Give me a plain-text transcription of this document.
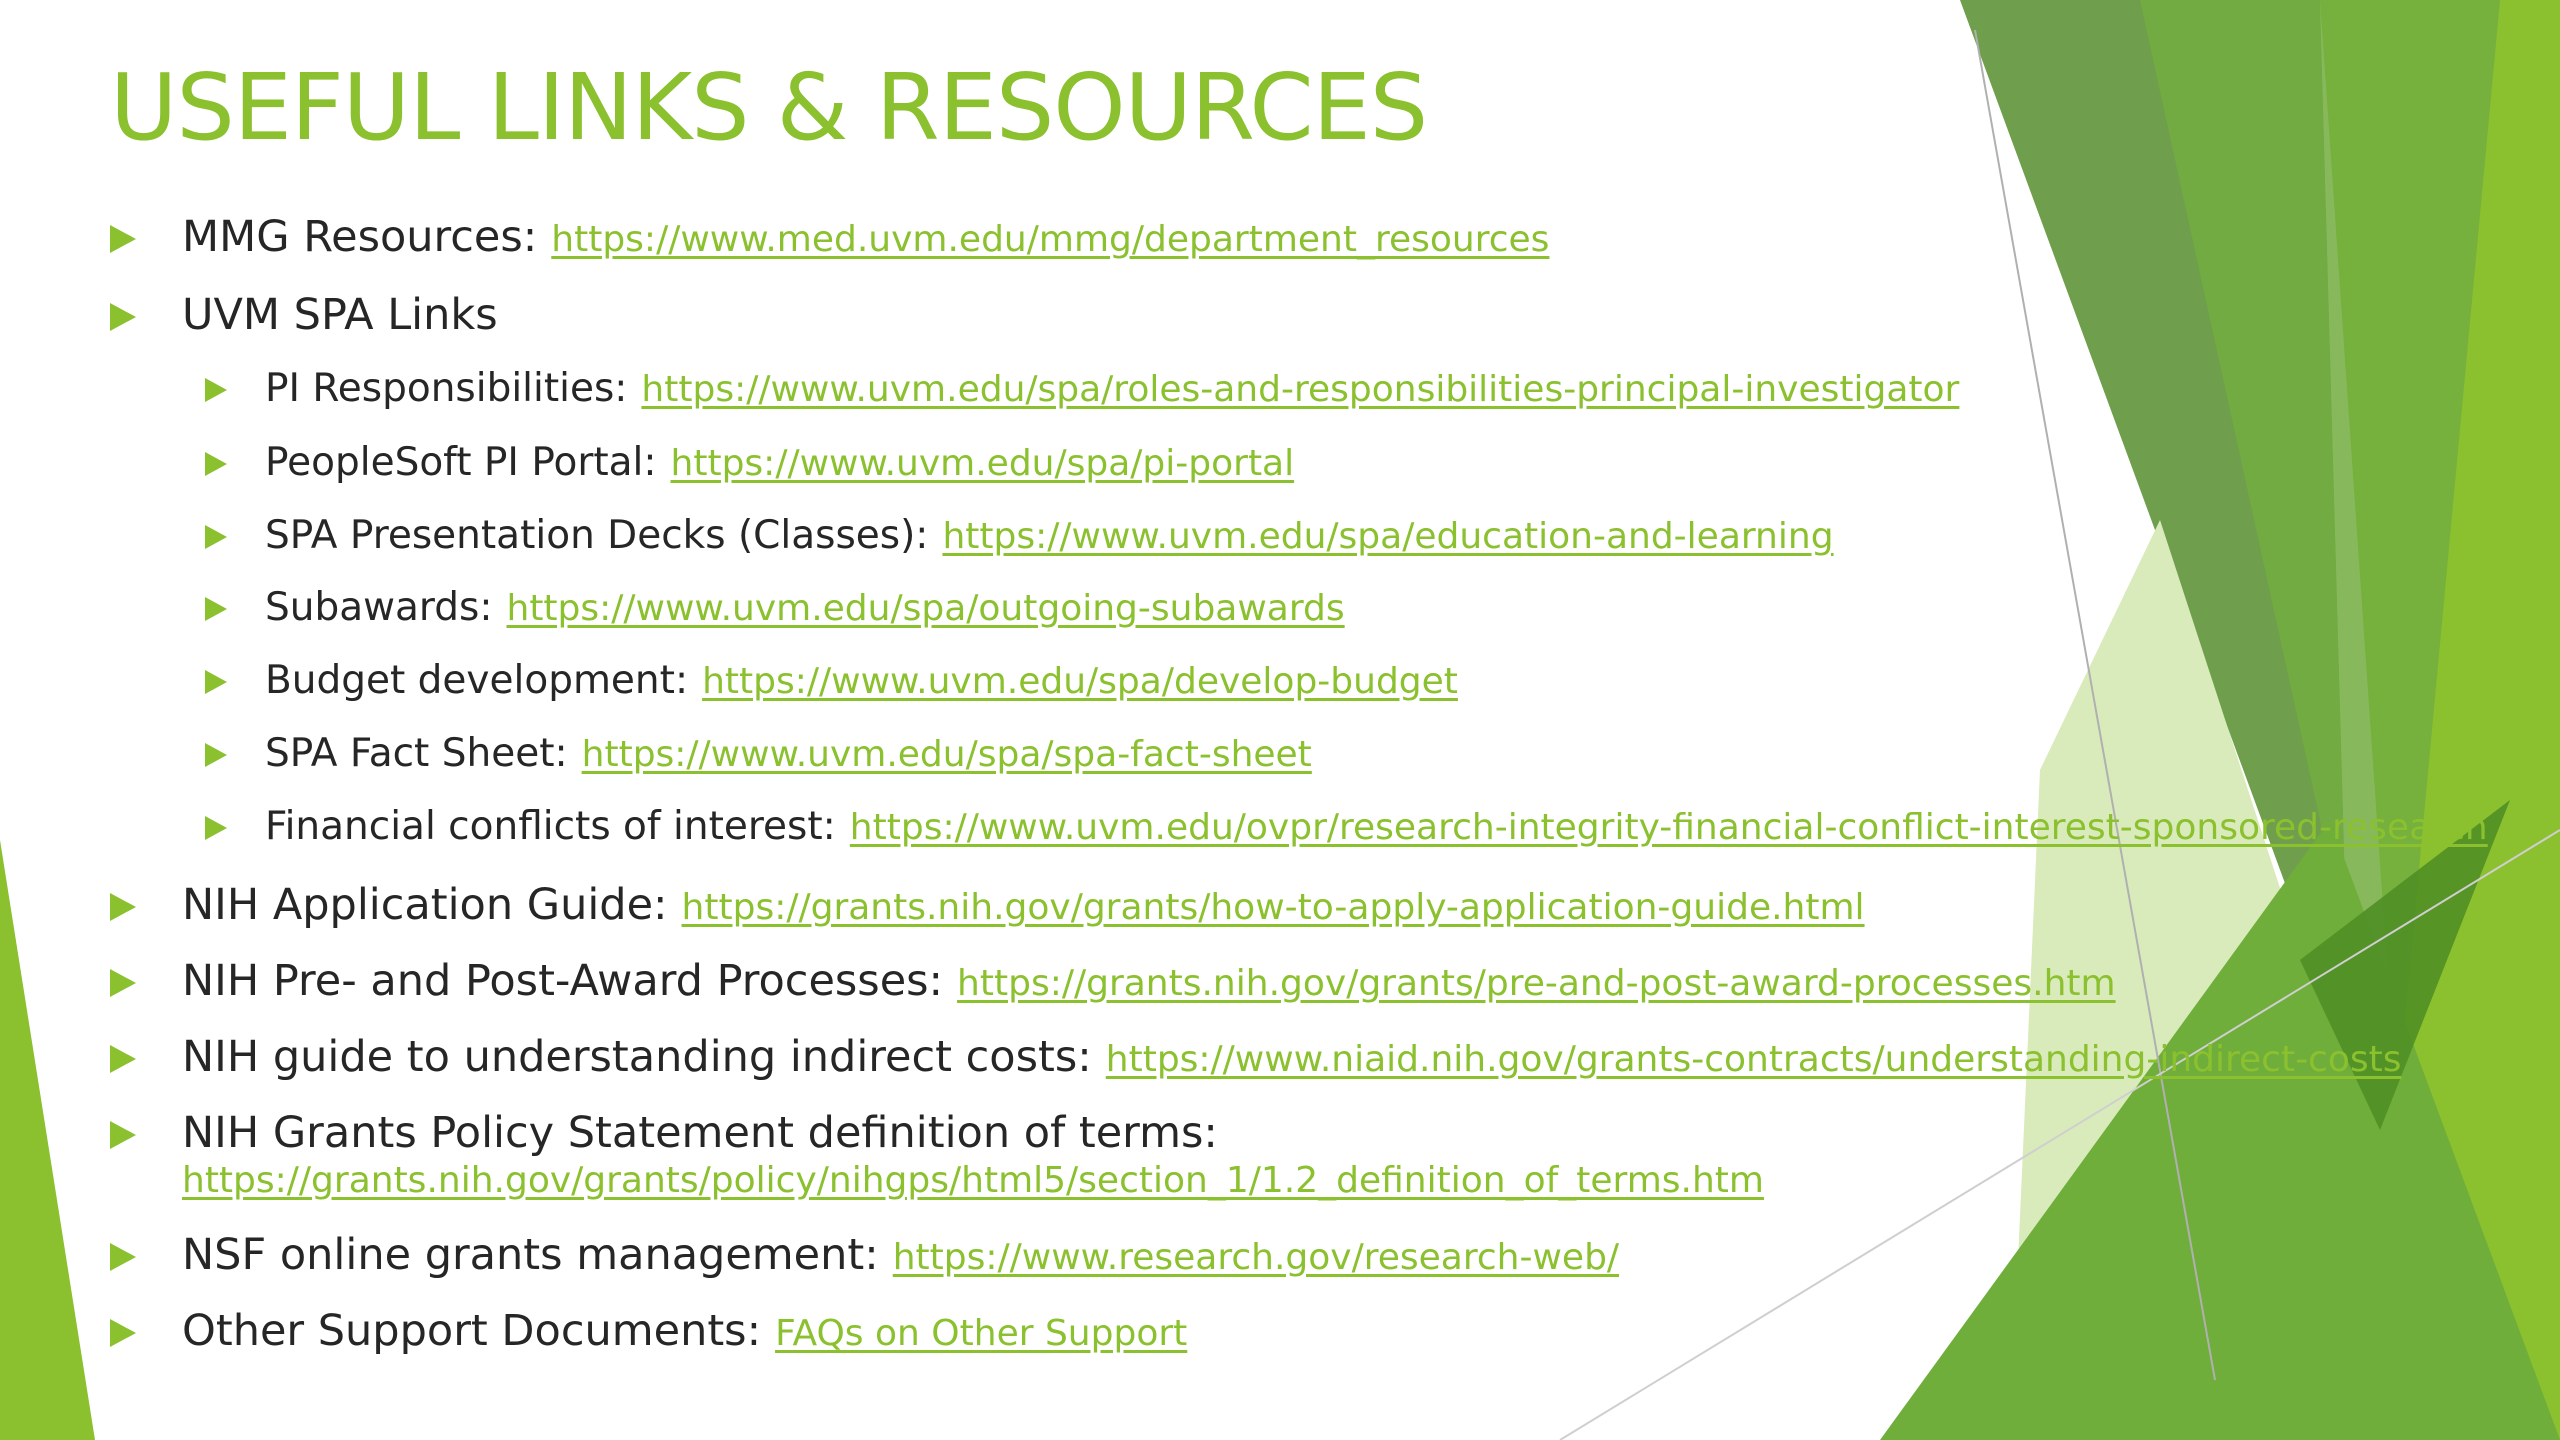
USEFUL LINKS & RESOURCES
MMG Resources: https://www.med.uvm.edu/mmg/department_resources
UVM SPA Links
PI Responsibilities: https://www.uvm.edu/spa/roles-and-responsibilities-principal-investigator
PeopleSoft PI Portal: https://www.uvm.edu/spa/pi-portal
SPA Presentation Decks (Classes): https://www.uvm.edu/spa/education-and-learning
Subawards: https://www.uvm.edu/spa/outgoing-subawards
Budget development: https://www.uvm.edu/spa/develop-budget
SPA Fact Sheet: https://www.uvm.edu/spa/spa-fact-sheet
Financial conflicts of interest: https://www.uvm.edu/ovpr/research-integrity-financial-conflict-interest-sponsored-research
NIH Application Guide: https://grants.nih.gov/grants/how-to-apply-application-guide.html
NIH Pre- and Post-Award Processes: https://grants.nih.gov/grants/pre-and-post-award-processes.htm
NIH guide to understanding indirect costs: https://www.niaid.nih.gov/grants-contracts/understanding-indirect-costs
NIH Grants Policy Statement definition of terms:
https://grants.nih.gov/grants/policy/nihgps/html5/section_1/1.2_definition_of_terms.htm
NSF online grants management: https://www.research.gov/research-web/
Other Support Documents: FAQs on Other Support
